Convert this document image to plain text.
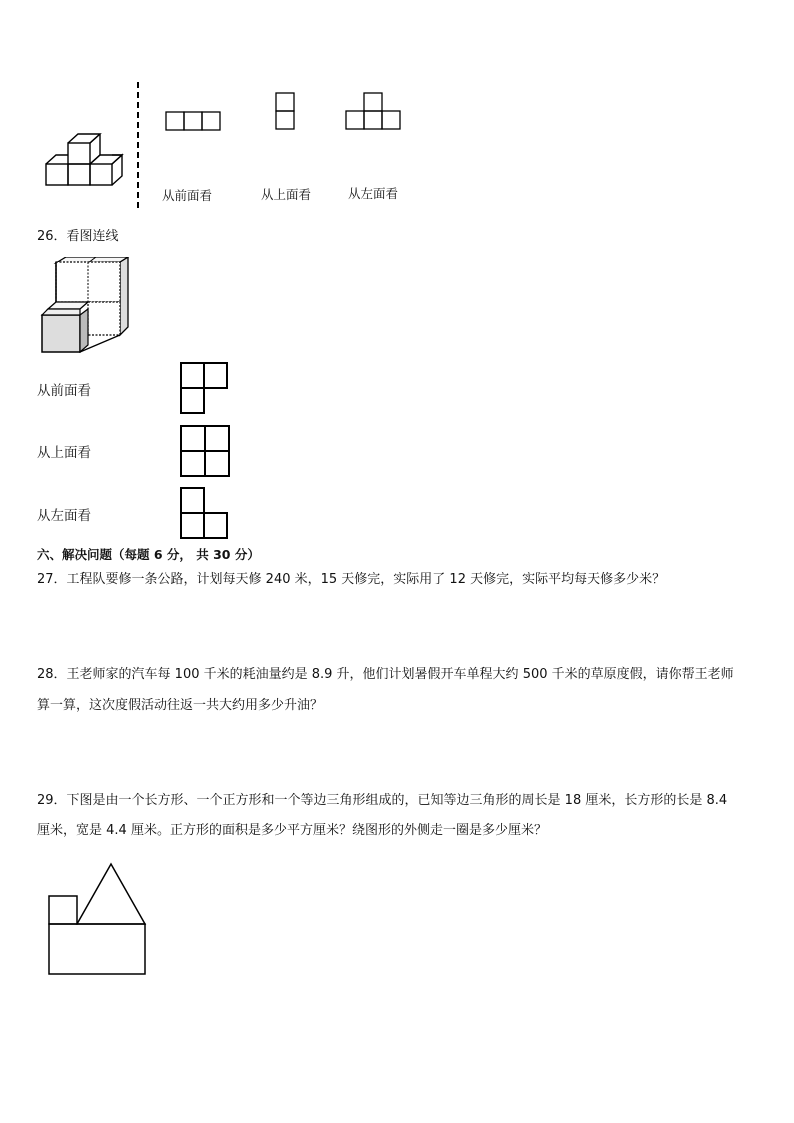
从前面看	从上面看	从左面看
26．看图连线
从前面看
从上面看
从左面看
六、解决问题（每题 6 分， 共 30 分）
27．工程队要修一条公路，计划每天修 240 米，15 天修完，实际用了 12 天修完，实际平均每天修多少米？
28．王老师家的汽车每 100 千米的耗油量约是 8.9 升，他们计划暑假开车单程大约 500 千米的草原度假，请你帮王老师
算一算，这次度假活动往返一共大约用多少升油？
29．下图是由一个长方形、一个正方形和一个等边三角形组成的，已知等边三角形的周长是 18 厘米，长方形的长是 8.4
厘米，宽是 4.4 厘米。正方形的面积是多少平方厘米？绕图形的外侧走一圈是多少厘米？
